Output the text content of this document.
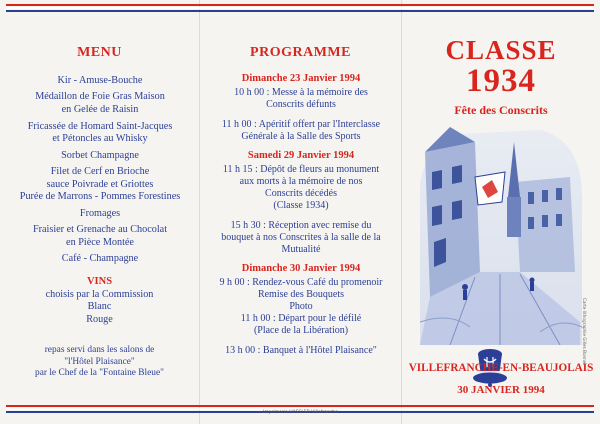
MENU
Kir - Amuse-Bouche
Médaillon de Foie Gras Maison
en Gelée de Raisin
Fricassée de Homard Saint-Jacques
et Pétoncles au Whisky
Sorbet Champagne
Filet de Cerf en Brioche
sauce Poivrade et Griottes
Purée de Marrons - Pommes Forestines
Fromages
Fraisier et Grenache au Chocolat
en Pièce Montée
Café - Champagne
VINS
choisis par la Commission
Blanc
Rouge
repas servi dans les salons de
"l'Hôtel Plaisance"
par le Chef de la "Fontaine Bleue"
PROGRAMME
Dimanche 23 Janvier 1994
10 h 00 : Messe à la mémoire des
Conscrits défunts
11 h 00 : Apéritif offert par l'Interclasse
Générale à la Salle des Sports
Samedi 29 Janvier 1994
11 h 15 : Dépôt de fleurs au monument
aux morts à la mémoire de nos
Conscrits décédés
(Classe 1934)
15 h 30 : Réception avec remise du
bouquet à nos Conscrites à la salle de la
Mutualité
Dimanche 30 Janvier 1994
9 h 00 : Rendez-vous Café du promenoir
Remise des Bouquets
Photo
11 h 00 : Départ pour le défilé
(Place de la Libération)
13 h 00 : Banquet à l'Hôtel Plaisance"
Imprimerie HASSLER Villefranche
CLASSE
1934
Fête des Conscrits
VILLEFRANCHE-EN-BEAUJOLAIS
30 JANVIER 1994
Carte lithographie Gilles Bonnet
